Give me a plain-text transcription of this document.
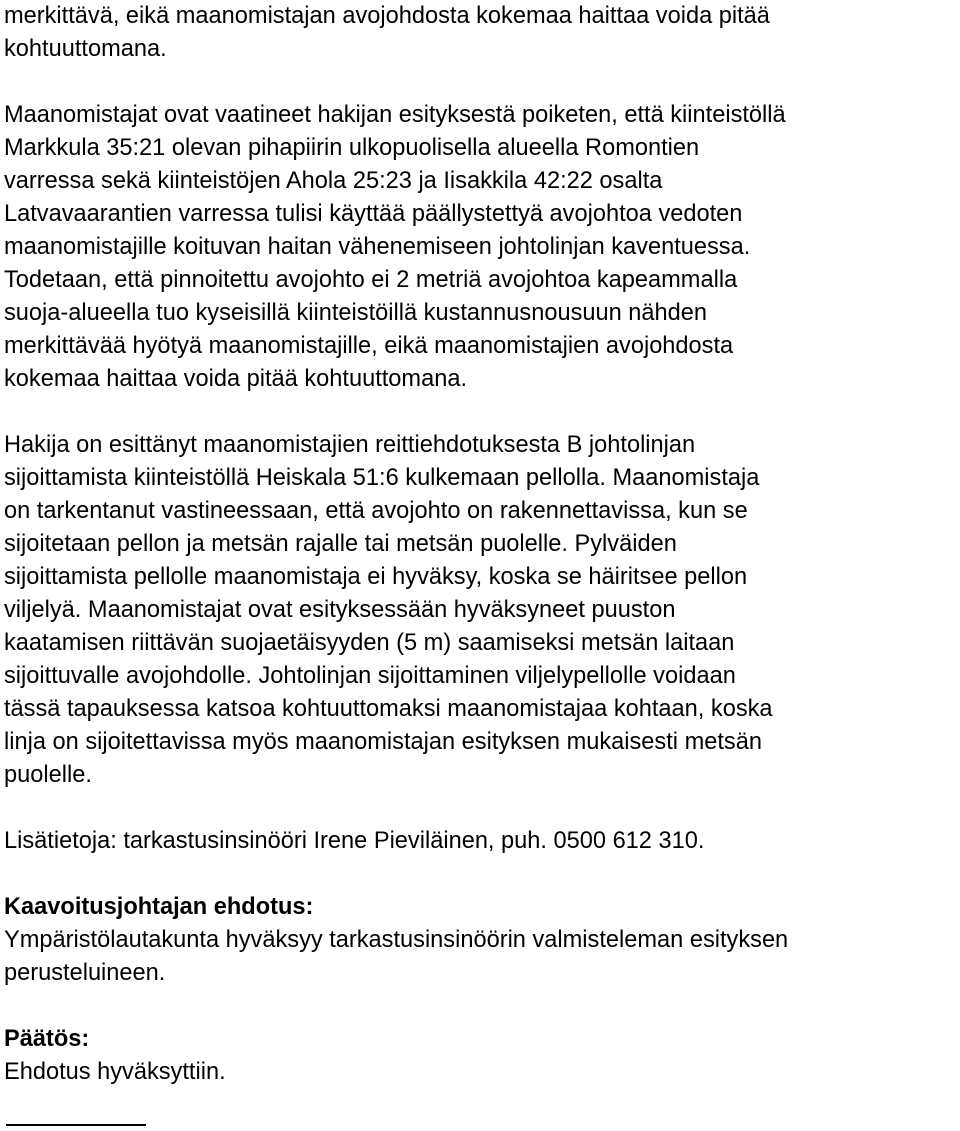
merkittävä, eikä maanomistajan avojohdosta kokemaa haittaa voida pitää
kohtuuttomana.

Maanomistajat ovat vaatineet hakijan esityksestä poiketen, että kiinteistöllä
Markkula 35:21 olevan pihapiirin ulkopuolisella alueella Romontien
varressa sekä kiinteistöjen Ahola 25:23 ja Iisakkila 42:22 osalta
Latvavaarantien varressa tulisi käyttää päällystettyä avojohtoa vedoten
maanomistajille koituvan haitan vähenemiseen johtolinjan kaventuessa.
Todetaan, että pinnoitettu avojohto ei 2 metriä avojohtoa kapeammalla
suoja-alueella tuo kyseisillä kiinteistöillä kustannusnousuun nähden
merkittävää hyötyä maanomistajille, eikä maanomistajien avojohdosta
kokemaa haittaa voida pitää kohtuuttomana.

Hakija on esittänyt maanomistajien reittiehdotuksesta B johtolinjan
sijoittamista kiinteistöllä Heiskala 51:6 kulkemaan pellolla. Maanomistaja
on tarkentanut vastineessaan, että avojohto on rakennettavissa, kun se
sijoitetaan pellon ja metsän rajalle tai metsän puolelle. Pylväiden
sijoittamista pellolle maanomistaja ei hyväksy, koska se häiritsee pellon
viljelyä. Maanomistajat ovat esityksessään hyväksyneet puuston
kaatamisen riittävän suojaetäisyyden (5 m) saamiseksi metsän laitaan
sijoittuvalle avojohdolle. Johtolinjan sijoittaminen viljelypellolle voidaan
tässä tapauksessa katsoa kohtuuttomaksi maanomistajaa kohtaan, koska
linja on sijoitettavissa myös maanomistajan esityksen mukaisesti metsän
puolelle.

Lisätietoja: tarkastusinsinööri Irene Pieviläinen, puh. 0500 612 310.

Kaavoitusjohtajan ehdotus:
Ympäristölautakunta hyväksyy tarkastusinsinöörin valmisteleman esityksen
perusteluineen.

Päätös:
Ehdotus hyväksyttiin.
